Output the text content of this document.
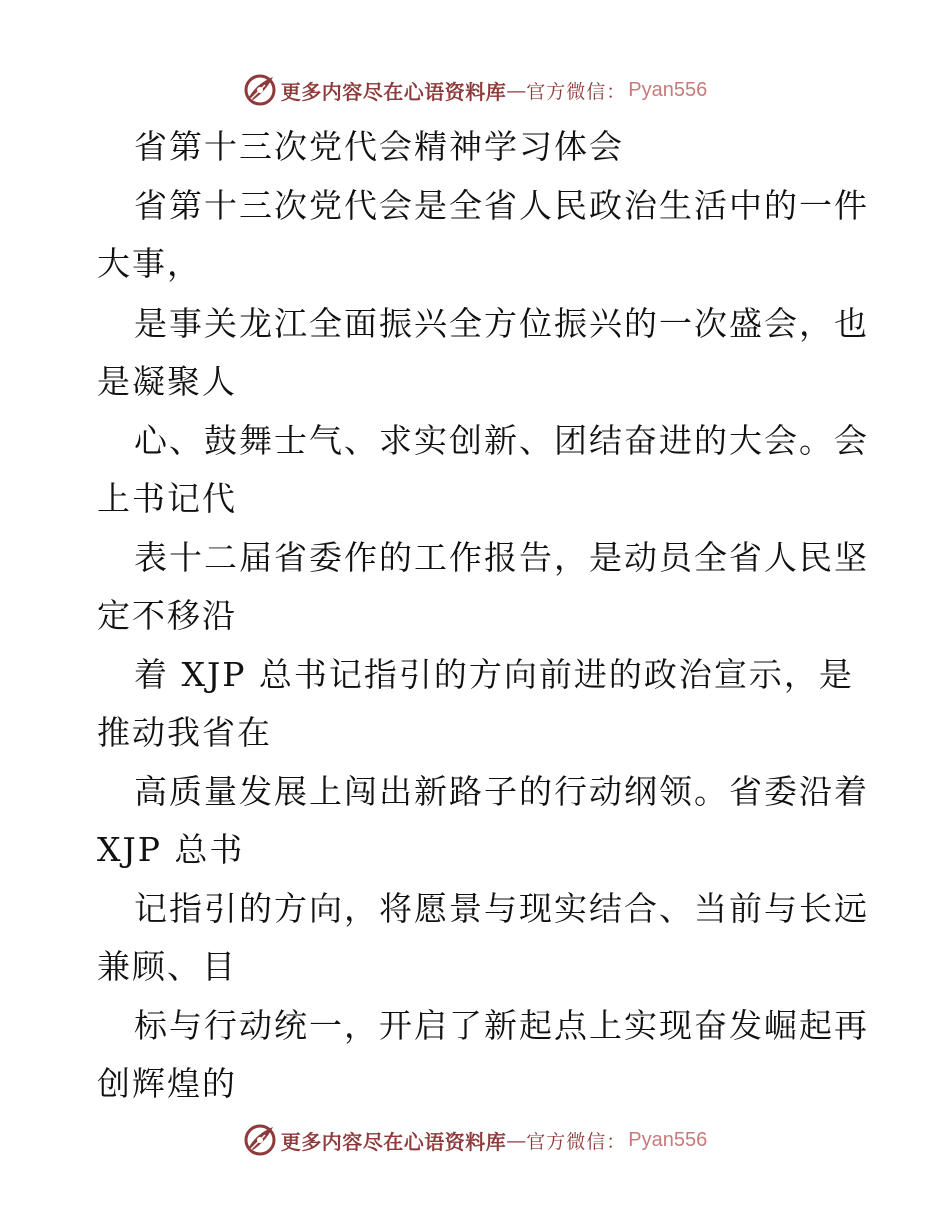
更多内容尽在心语资料库 — 官方微信： Pyan556
省第十三次党代会精神学习体会
省第十三次党代会是全省人民政治生活中的一件
大事，
是事关龙江全面振兴全方位振兴的一次盛会，也
是凝聚人
心、鼓舞士气、求实创新、团结奋进的大会。会
上书记代
表十二届省委作的工作报告，是动员全省人民坚
定不移沿
着 XJP 总书记指引的方向前进的政治宣示，是
推动我省在
高质量发展上闯出新路子的行动纲领。省委沿着
XJP 总书
记指引的方向，将愿景与现实结合、当前与长远
兼顾、目
标与行动统一，开启了新起点上实现奋发崛起再
创辉煌的
更多内容尽在心语资料库 — 官方微信： Pyan556
